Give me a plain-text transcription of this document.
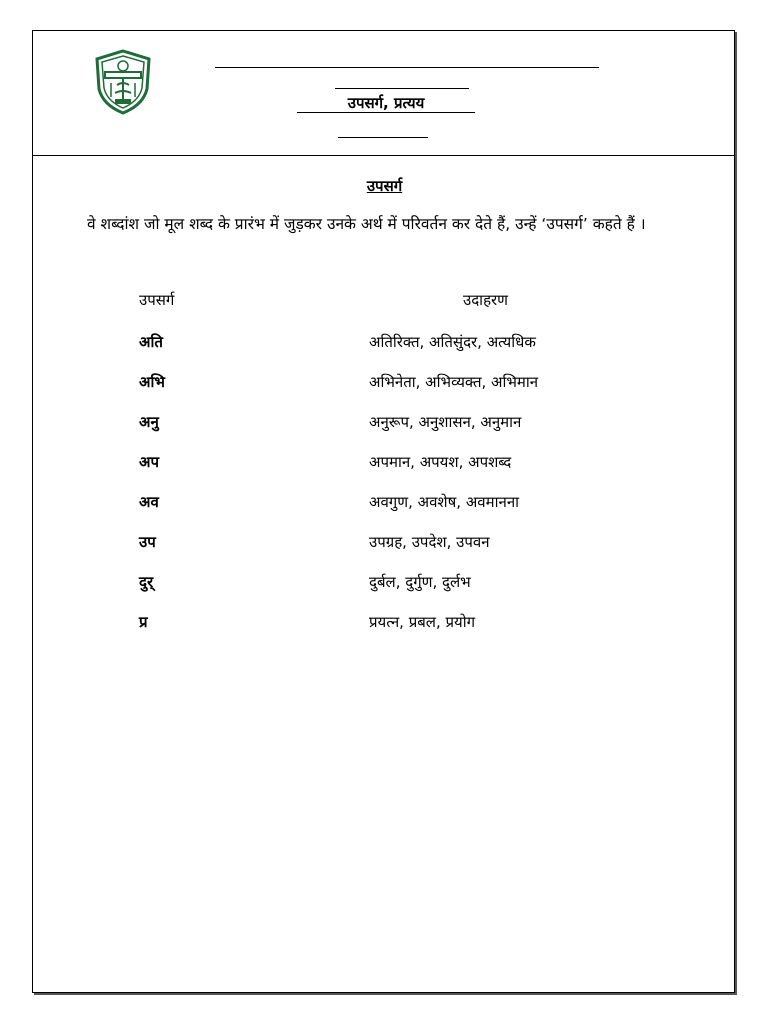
उपसर्ग, प्रत्यय
उपसर्ग
वे शब्दांश जो मूल शब्द के प्रारंभ में जुड़कर उनके अर्थ में परिवर्तन कर देते हैं, उन्हें ‘उपसर्ग’ कहते हैं ।
उपसर्ग	उदाहरण
अति	अतिरिक्त, अतिसुंदर, अत्यधिक
अभि	अभिनेता, अभिव्यक्त, अभिमान
अनु	अनुरूप, अनुशासन, अनुमान
अप	अपमान, अपयश, अपशब्द
अव	अवगुण, अवशेष, अवमानना
उप	उपग्रह, उपदेश, उपवन
दुर्	दुर्बल, दुर्गुण, दुर्लभ
प्र	प्रयत्न, प्रबल, प्रयोग
